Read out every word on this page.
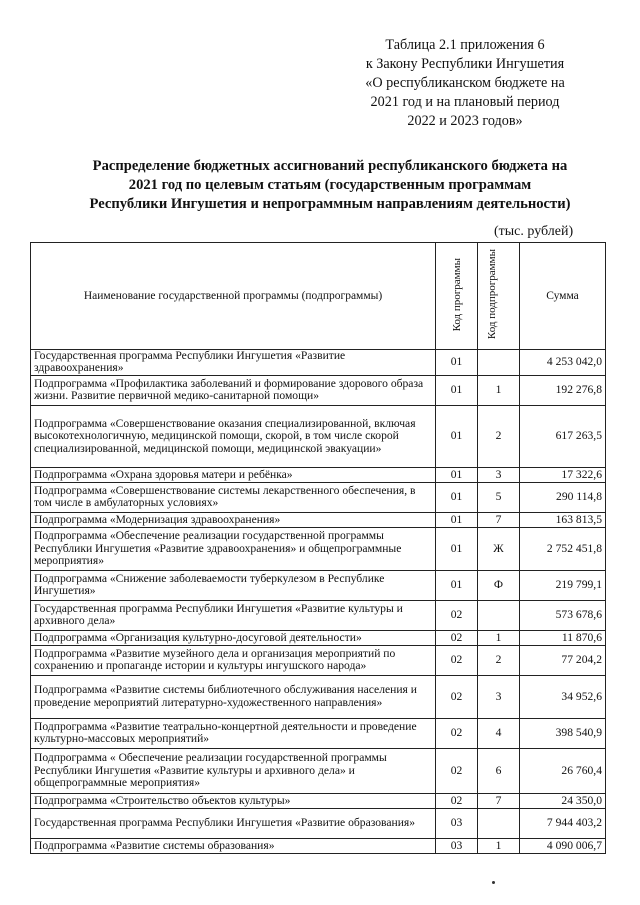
Таблица 2.1 приложения 6
к Закону Республики Ингушетия
«О республиканском бюджете на
2021 год и на плановый период
2022 и 2023 годов»
Распределение бюджетных ассигнований республиканского бюджета на
2021 год по целевым статьям (государственным программам
Республики Ингушетия и непрограммным направлениям деятельности)
(тыс. рублей)
Наименование государственной программы (подпрограммы)	Код программы	Код подпрограммы	Сумма
Государственная программа Республики Ингушетия «Развитие здравоохранения»	01		4 253 042,0
Подпрограмма «Профилактика заболеваний и формирование здорового образа жизни. Развитие первичной медико-санитарной помощи»	01	1	192 276,8
Подпрограмма «Совершенствование оказания специализированной, включая высокотехнологичную, медицинской помощи, скорой, в том числе скорой специализированной, медицинской помощи, медицинской эвакуации»	01	2	617 263,5
Подпрограмма «Охрана здоровья матери и ребёнка»	01	3	17 322,6
Подпрограмма «Совершенствование системы лекарственного обеспечения, в том числе в амбулаторных условиях»	01	5	290 114,8
Подпрограмма «Модернизация здравоохранения»	01	7	163 813,5
Подпрограмма «Обеспечение реализации государственной программы Республики Ингушетия «Развитие здравоохранения» и общепрограммные мероприятия»	01	Ж	2 752 451,8
Подпрограмма «Снижение заболеваемости туберкулезом в Республике Ингушетия»	01	Ф	219 799,1
Государственная программа Республики Ингушетия «Развитие культуры и архивного дела»	02		573 678,6
Подпрограмма «Организация культурно-досуговой деятельности»	02	1	11 870,6
Подпрограмма «Развитие музейного дела и организация мероприятий по сохранению и пропаганде истории и культуры ингушского народа»	02	2	77 204,2
Подпрограмма «Развитие системы библиотечного обслуживания населения и проведение мероприятий литературно-художественного направления»	02	3	34 952,6
Подпрограмма «Развитие театрально-концертной деятельности и проведение культурно-массовых мероприятий»	02	4	398 540,9
Подпрограмма « Обеспечение реализации государственной программы Республики Ингушетия «Развитие культуры и архивного дела» и общепрограммные мероприятия»	02	6	26 760,4
Подпрограмма «Строительство объектов культуры»	02	7	24 350,0
Государственная программа Республики Ингушетия «Развитие образования»	03		7 944 403,2
Подпрограмма «Развитие системы образования»	03	1	4 090 006,7
